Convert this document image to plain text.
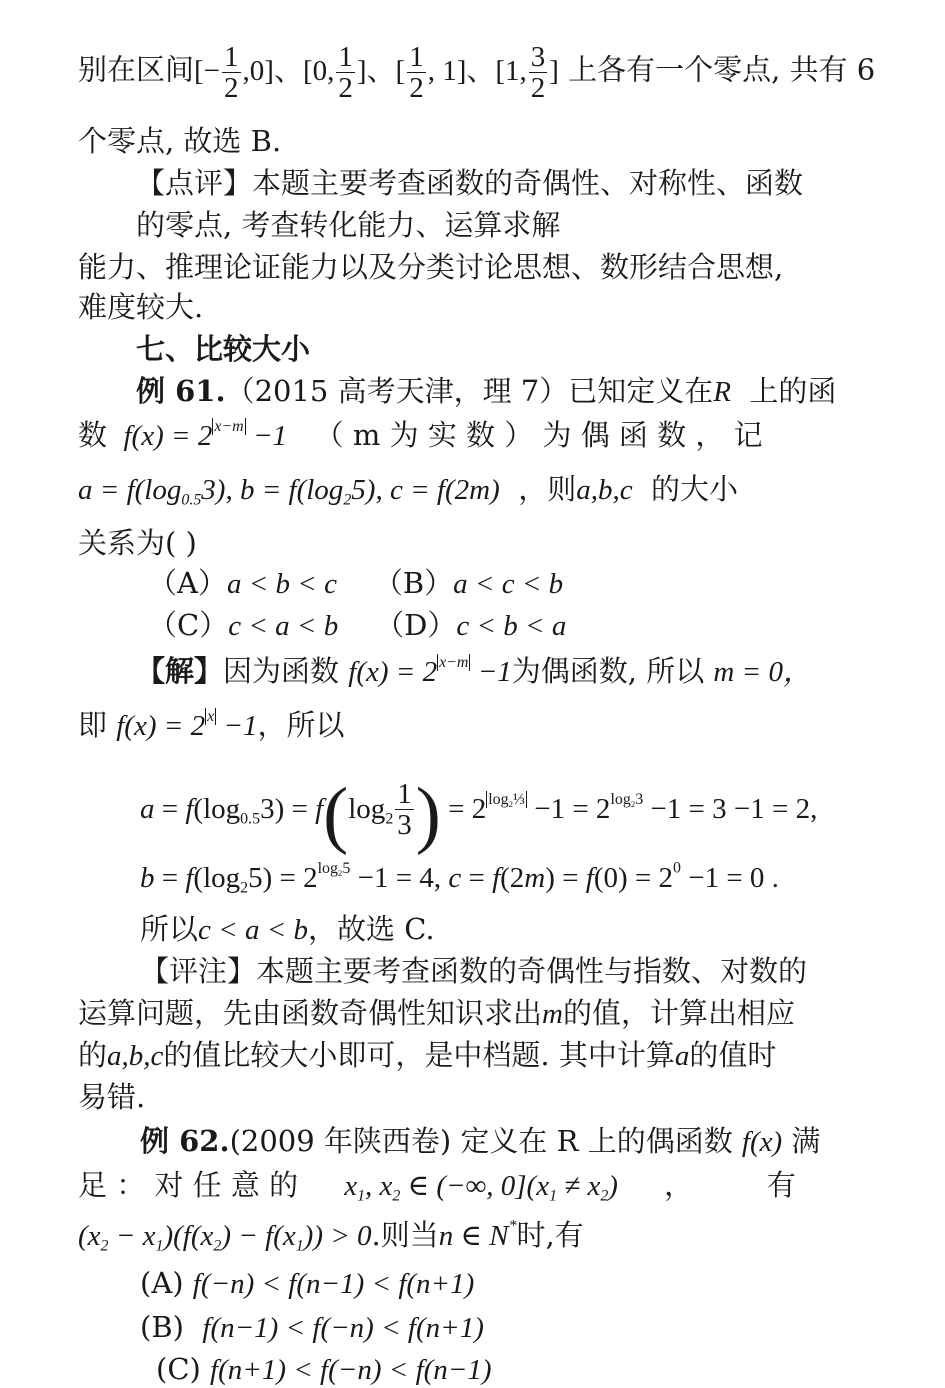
别在区间[− $\frac{1}{2} ,0$]、[0, $\frac{1}{2}$ ]、[ $\frac{1}{2}$ , 1]、[1, $\frac{3}{2}$ ] 上各有一个零点, 共有 6
个零点, 故选 B.
【点评】本题主要考查函数的奇偶性、对称性、函数
的零点, 考查转化能力、运算求解
能力、推理论证能力以及分类讨论思想、数形结合思想,
难度较大.
七、比较大小
例 61.（2015 高考天津，理 7）已知定义在R 上的函
数  f(x) = 2 $^{x-m}$ −1 （ m 为 实 数 ） 为 偶 函 数 ， 记
$a = f(\log_{0.5}3)$, $b = f(\log_25)$, c = f(2m) ，则a,b,c 的大小
关系为( )
（A）a < b < c （B）a < c < b
（C）c < a < b （D）c < b < a
【解】因为函数 f(x) = 2 $^{x-m}$ −1为偶函数, 所以 m = 0，
即 f(x) = 2 $^x$ −1，所以
$a = f(\log_{0.5}3) = f(\log_2 \frac{1}{3}$ ) = 2 $^{log_2\frac{1}{3}} -1 = 2^{log_23} -1 = 3 -1 = 2$,
$b = f(\log_25) = 2^{log_25} -1 = 4$, $c = f(2m) = f(0) = 2^0 -1 = 0$ .
所以c < a < b，故选 C.
【评注】本题主要考查函数的奇偶性与指数、对数的
运算问题，先由函数奇偶性知识求出m的值，计算出相应
的a,b,c的值比较大小即可，是中档题. 其中计算a的值时
易错.
例 62.(2009 年陕西卷) 定义在 R 上的偶函数 f(x) 满
足 ： 对 任 意 的 $x_1$, $x_2$ ∈ (−∞, $0](x_1 \ne x_2)$ ，	有
$(x_2 - x_1)(f(x_2) - f(x_1)) > 0$.则当n ∈ N*时,有
(A) f(−n) < f(n−1) < f(n+1)
(B) f(n−1) < f(−n) < f(n+1)
(C) f(n+1) < f(−n) < f(n−1)
